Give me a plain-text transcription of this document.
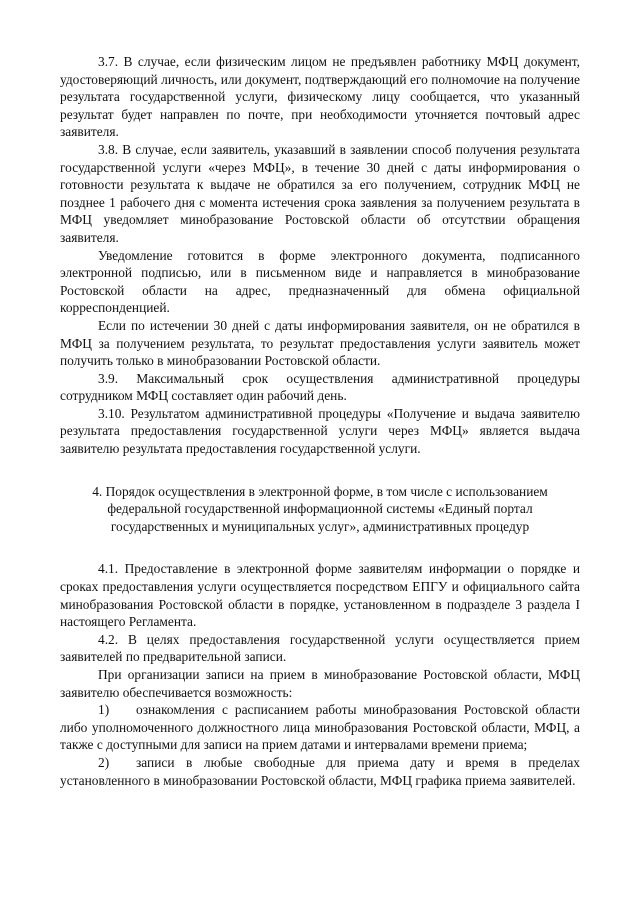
3.7. В случае, если физическим лицом не предъявлен работнику МФЦ документ, удостоверяющий личность, или документ, подтверждающий его полномочие на получение результата государственной услуги, физическому лицу сообщается, что указанный результат будет направлен по почте, при необходимости уточняется почтовый адрес заявителя.

3.8. В случае, если заявитель, указавший в заявлении способ получения результата государственной услуги «через МФЦ», в течение 30 дней с даты информирования о готовности результата к выдаче не обратился за его получением, сотрудник МФЦ не позднее 1 рабочего дня с момента истечения срока заявления за получением результата в МФЦ уведомляет минобразование Ростовской области об отсутствии обращения заявителя.

Уведомление готовится в форме электронного документа, подписанного электронной подписью, или в письменном виде и направляется в минобразование Ростовской области на адрес, предназначенный для обмена официальной корреспонденцией.

Если по истечении 30 дней с даты информирования заявителя, он не обратился в МФЦ за получением результата, то результат предоставления услуги заявитель может получить только в минобразовании Ростовской области.

3.9. Максимальный срок осуществления административной процедуры сотрудником МФЦ составляет один рабочий день.

3.10. Результатом административной процедуры «Получение и выдача заявителю результата предоставления государственной услуги через МФЦ» является выдача заявителю результата предоставления государственной услуги.

4. Порядок осуществления в электронной форме, в том числе с использованием федеральной государственной информационной системы «Единый портал государственных и муниципальных услуг», административных процедур

4.1. Предоставление в электронной форме заявителям информации о порядке и сроках предоставления услуги осуществляется посредством ЕПГУ и официального сайта минобразования Ростовской области в порядке, установленном в подразделе 3 раздела I настоящего Регламента.

4.2. В целях предоставления государственной услуги осуществляется прием заявителей по предварительной записи.

При организации записи на прием в минобразование Ростовской области, МФЦ заявителю обеспечивается возможность:

1) ознакомления с расписанием работы минобразования Ростовской области либо уполномоченного должностного лица минобразования Ростовской области, МФЦ, а также с доступными для записи на прием датами и интервалами времени приема;

2) записи в любые свободные для приема дату и время в пределах установленного в минобразовании Ростовской области, МФЦ графика приема заявителей.
